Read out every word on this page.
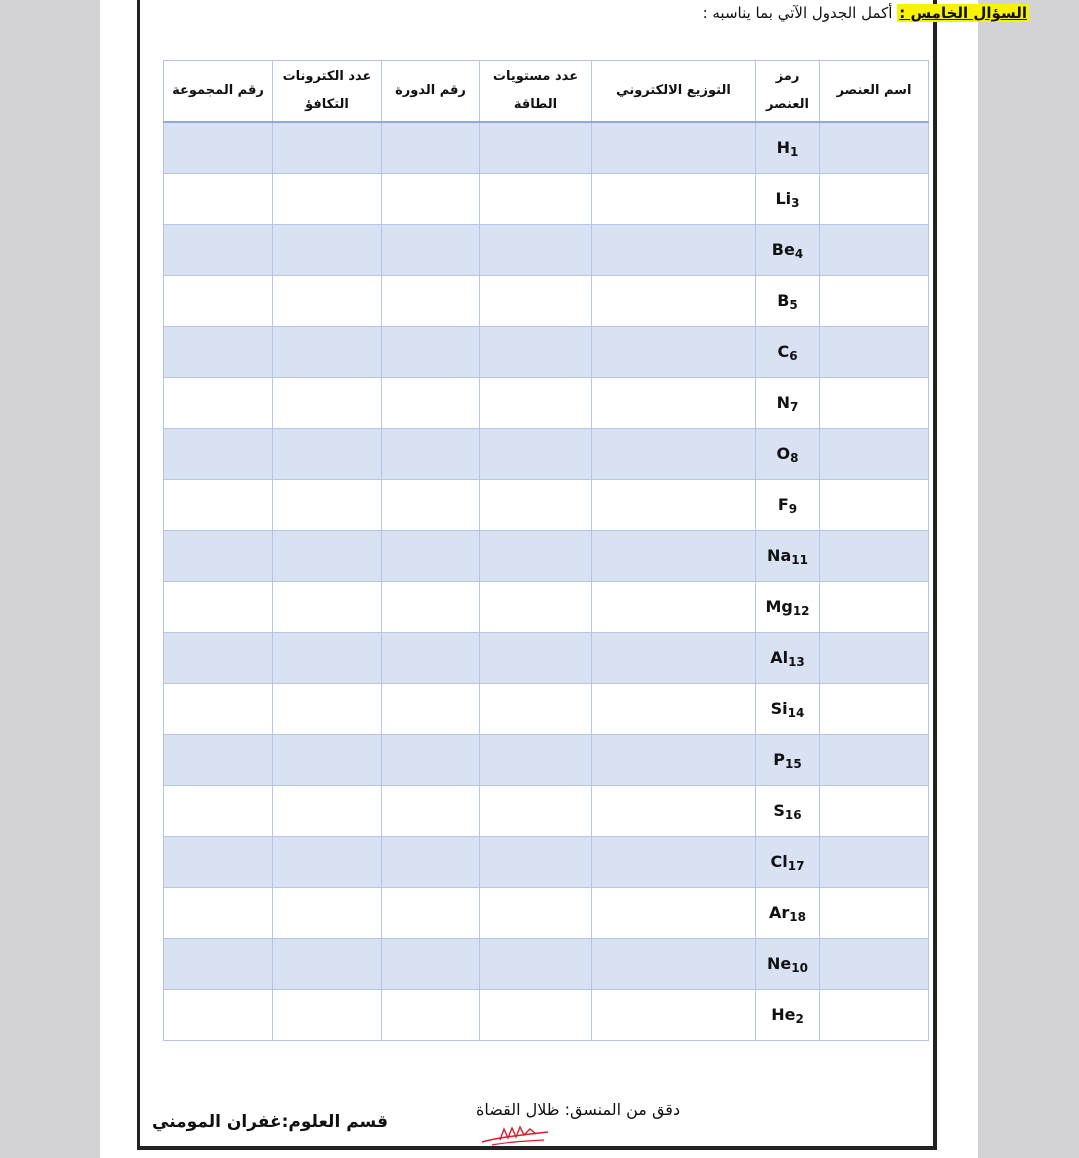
السؤال الخامس : أكمل الجدول الآتي بما يناسبه :
اسم العنصر	رمز العنصر	التوزيع الالكتروني	عدد مستويات الطاقة	رقم الدورة	عدد الكترونات التكافؤ	رقم المجموعة
	$H_1$					
	$Li_3$					
	$Be_4$					
	$B_5$					
	$C_6$					
	$N_7$					
	$O_8$					
	$F_9$					
	$Na_{11}$					
	$Mg_{12}$					
	$Al_{13}$					
	$Si_{14}$					
	$P_{15}$					
	$S_{16}$					
	$Cl_{17}$					
	$Ar_{18}$					
	$Ne_{10}$					
	$He_2$					
دقق من المنسق: ظلال القضاة
قسم العلوم:غفران المومني
